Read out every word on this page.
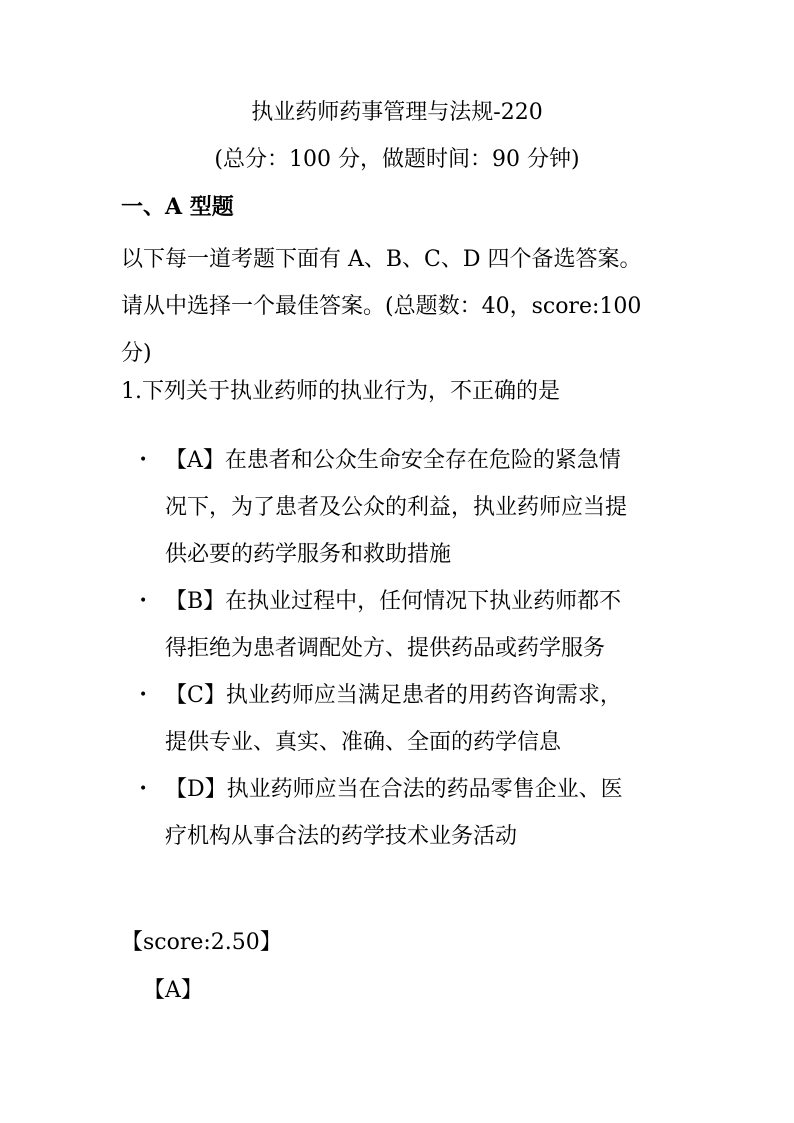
执业药师药事管理与法规-220
(总分：100 分，做题时间：90 分钟)
一、A 型题
以下每一道考题下面有 A、B、C、D 四个备选答案。
请从中选择一个最佳答案。(总题数：40，score:100
分)
1.下列关于执业药师的执业行为，不正确的是
• 【A】在患者和公众生命安全存在危险的紧急情
况下，为了患者及公众的利益，执业药师应当提
供必要的药学服务和救助措施
• 【B】在执业过程中，任何情况下执业药师都不
得拒绝为患者调配处方、提供药品或药学服务
• 【C】执业药师应当满足患者的用药咨询需求，
提供专业、真实、准确、全面的药学信息
• 【D】执业药师应当在合法的药品零售企业、医
疗机构从事合法的药学技术业务活动
【score:2.50】
【A】
